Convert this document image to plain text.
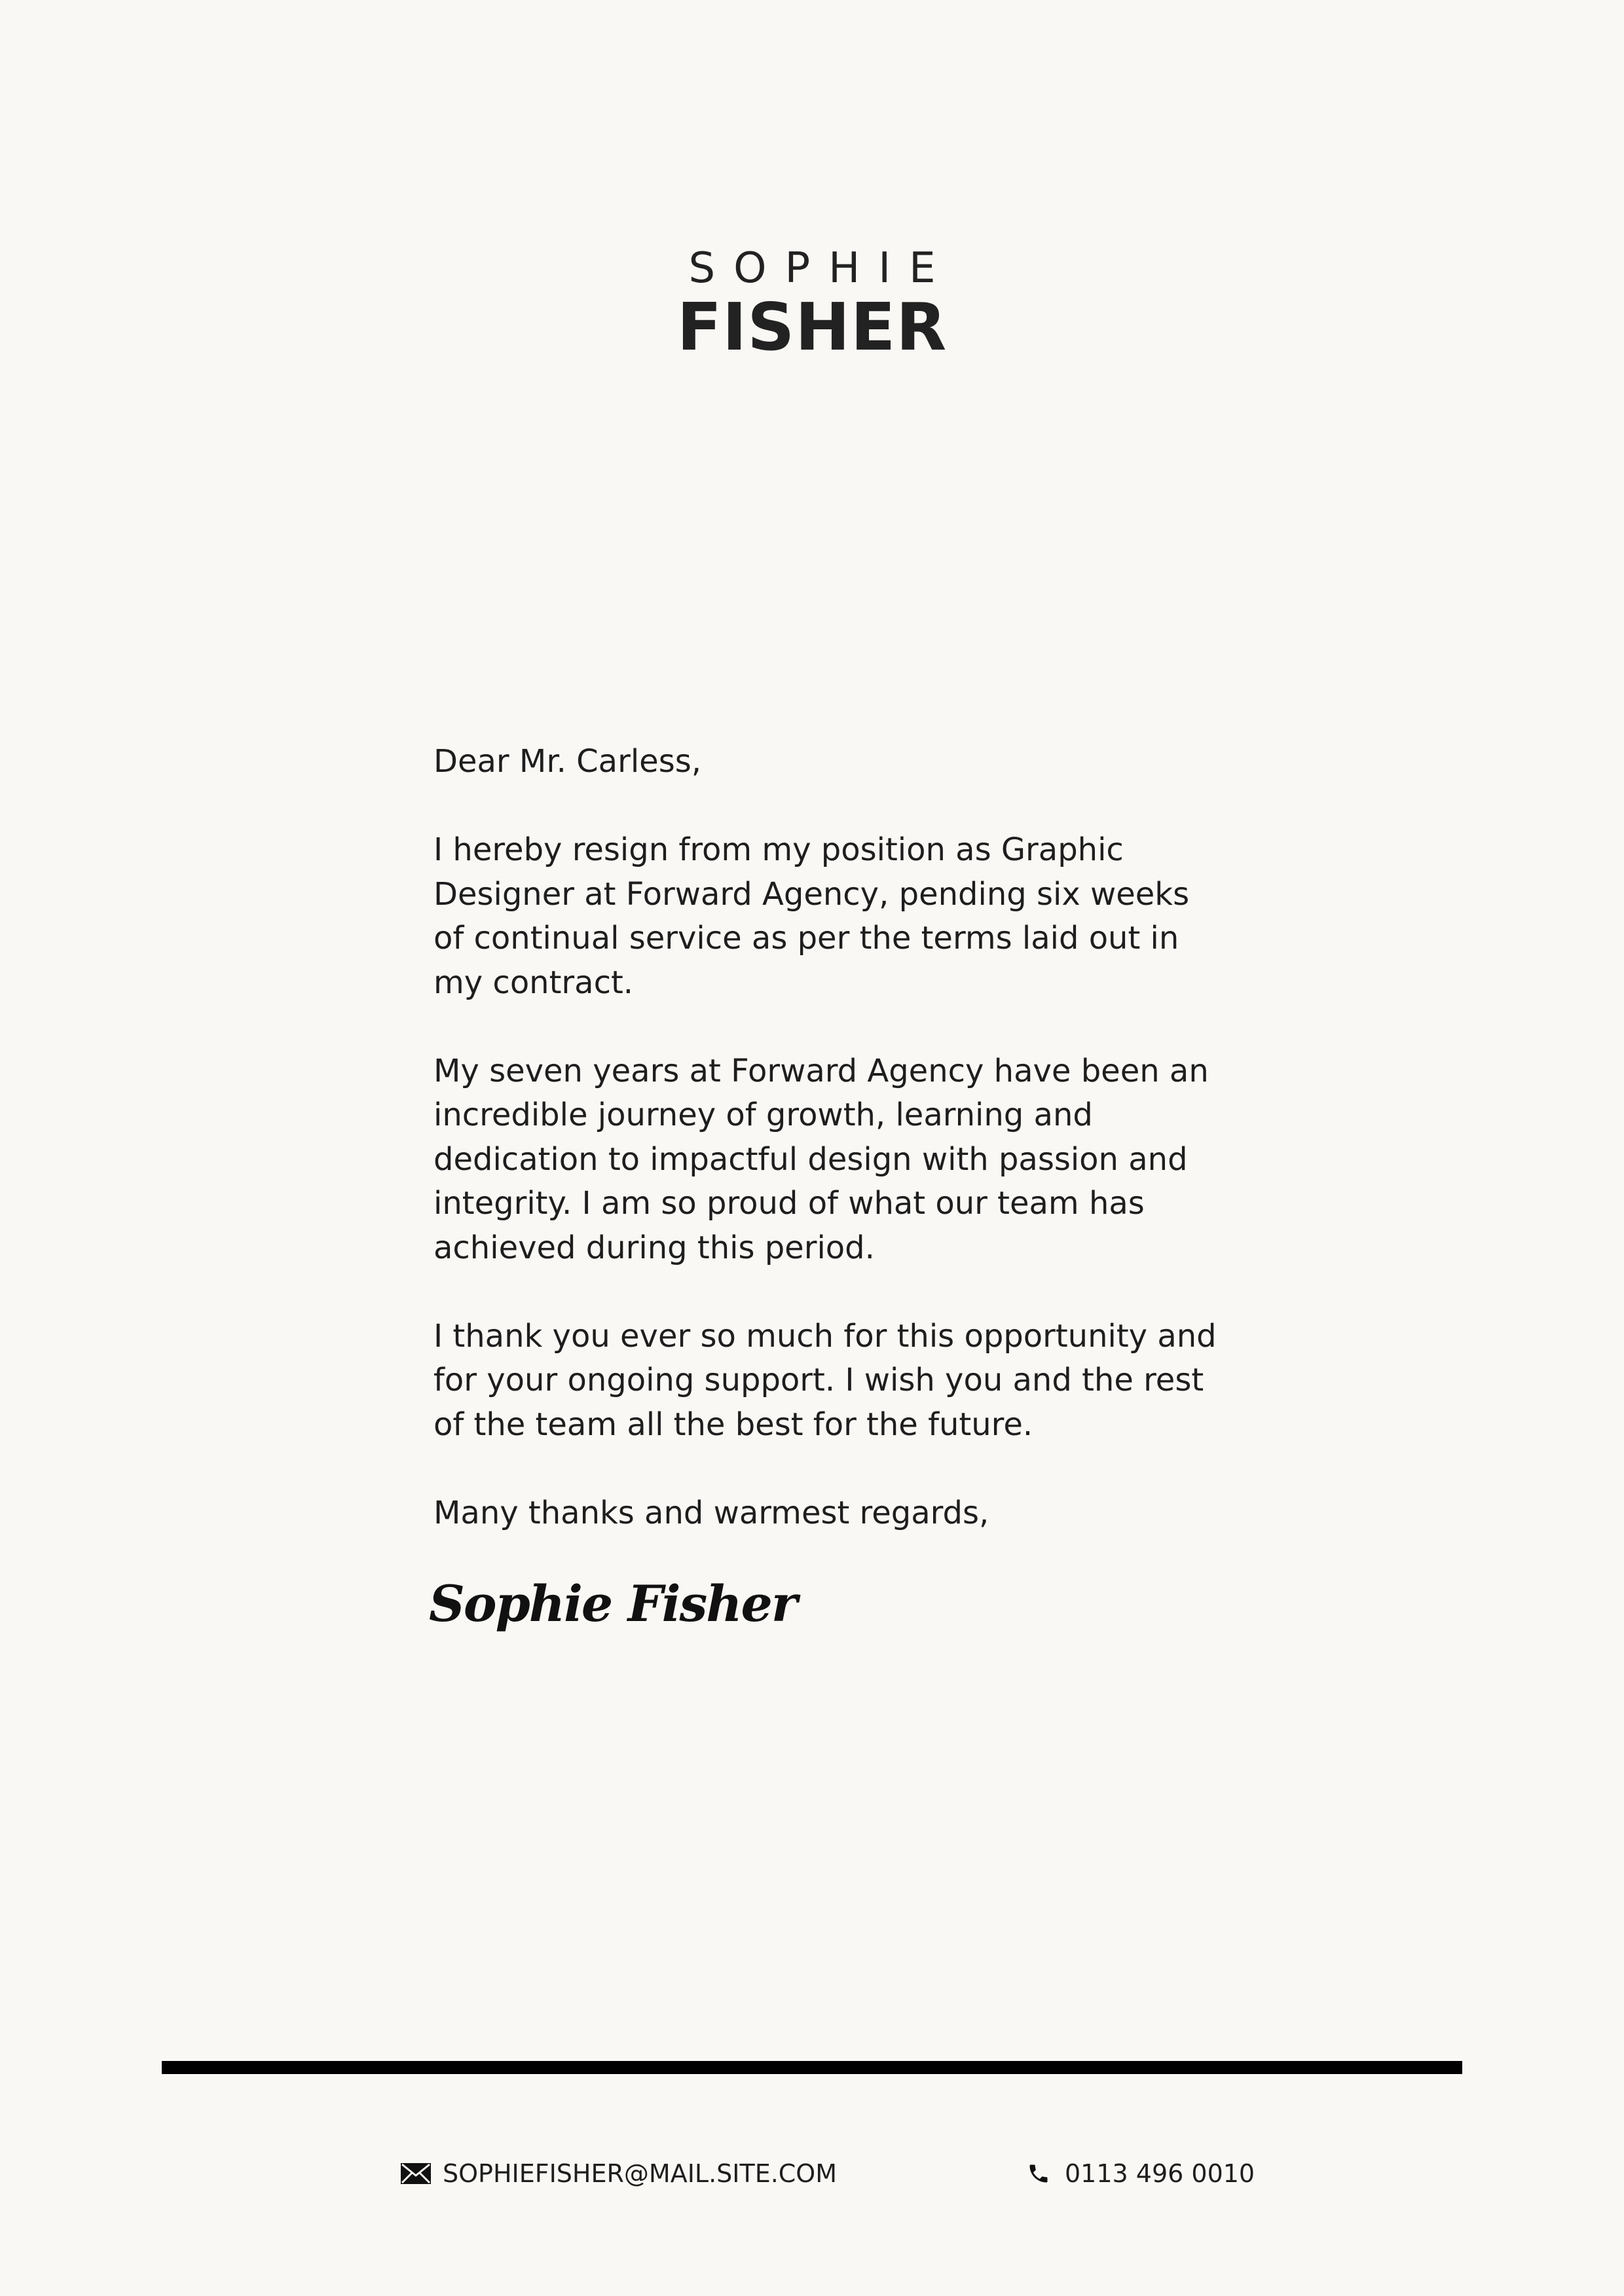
SOPHIE
FISHER

Dear Mr. Carless,

I hereby resign from my position as Graphic Designer at Forward Agency, pending six weeks of continual service as per the terms laid out in my contract.

My seven years at Forward Agency have been an incredible journey of growth, learning and dedication to impactful design with passion and integrity. I am so proud of what our team has achieved during this period.

I thank you ever so much for this opportunity and for your ongoing support. I wish you and the rest of the team all the best for the future.

Many thanks and warmest regards,

Sophie Fisher
SOPHIEFISHER@MAIL.SITE.COM	0113 496 0010
